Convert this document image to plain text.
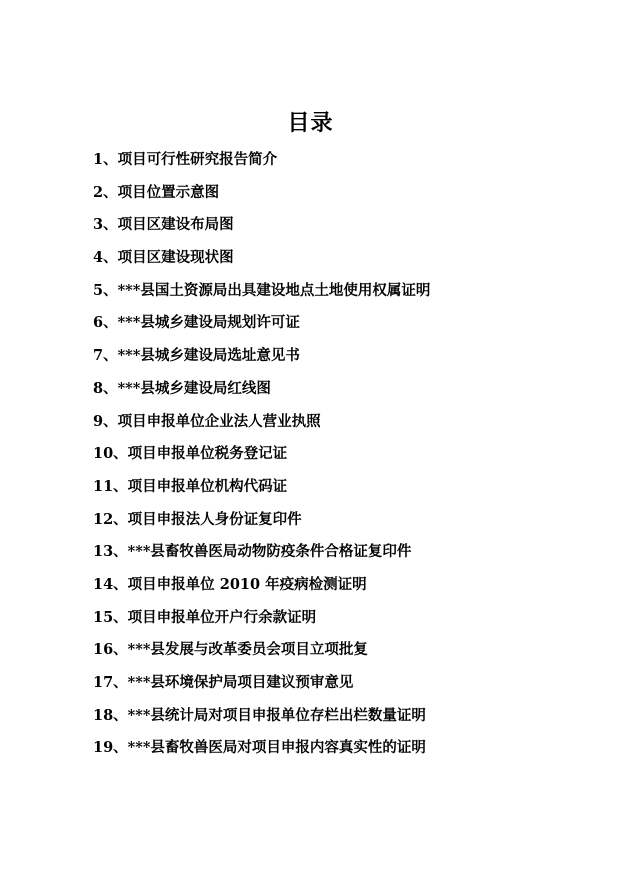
目录
1、项目可行性研究报告简介
2、项目位置示意图
3、项目区建设布局图
4、项目区建设现状图
5、***县国土资源局出具建设地点土地使用权属证明
6、***县城乡建设局规划许可证
7、***县城乡建设局选址意见书
8、***县城乡建设局红线图
9、项目申报单位企业法人营业执照
10、项目申报单位税务登记证
11、项目申报单位机构代码证
12、项目申报法人身份证复印件
13、***县畜牧兽医局动物防疫条件合格证复印件
14、项目申报单位 2010 年疫病检测证明
15、项目申报单位开户行余款证明
16、***县发展与改革委员会项目立项批复
17、***县环境保护局项目建议预审意见
18、***县统计局对项目申报单位存栏出栏数量证明
19、***县畜牧兽医局对项目申报内容真实性的证明
